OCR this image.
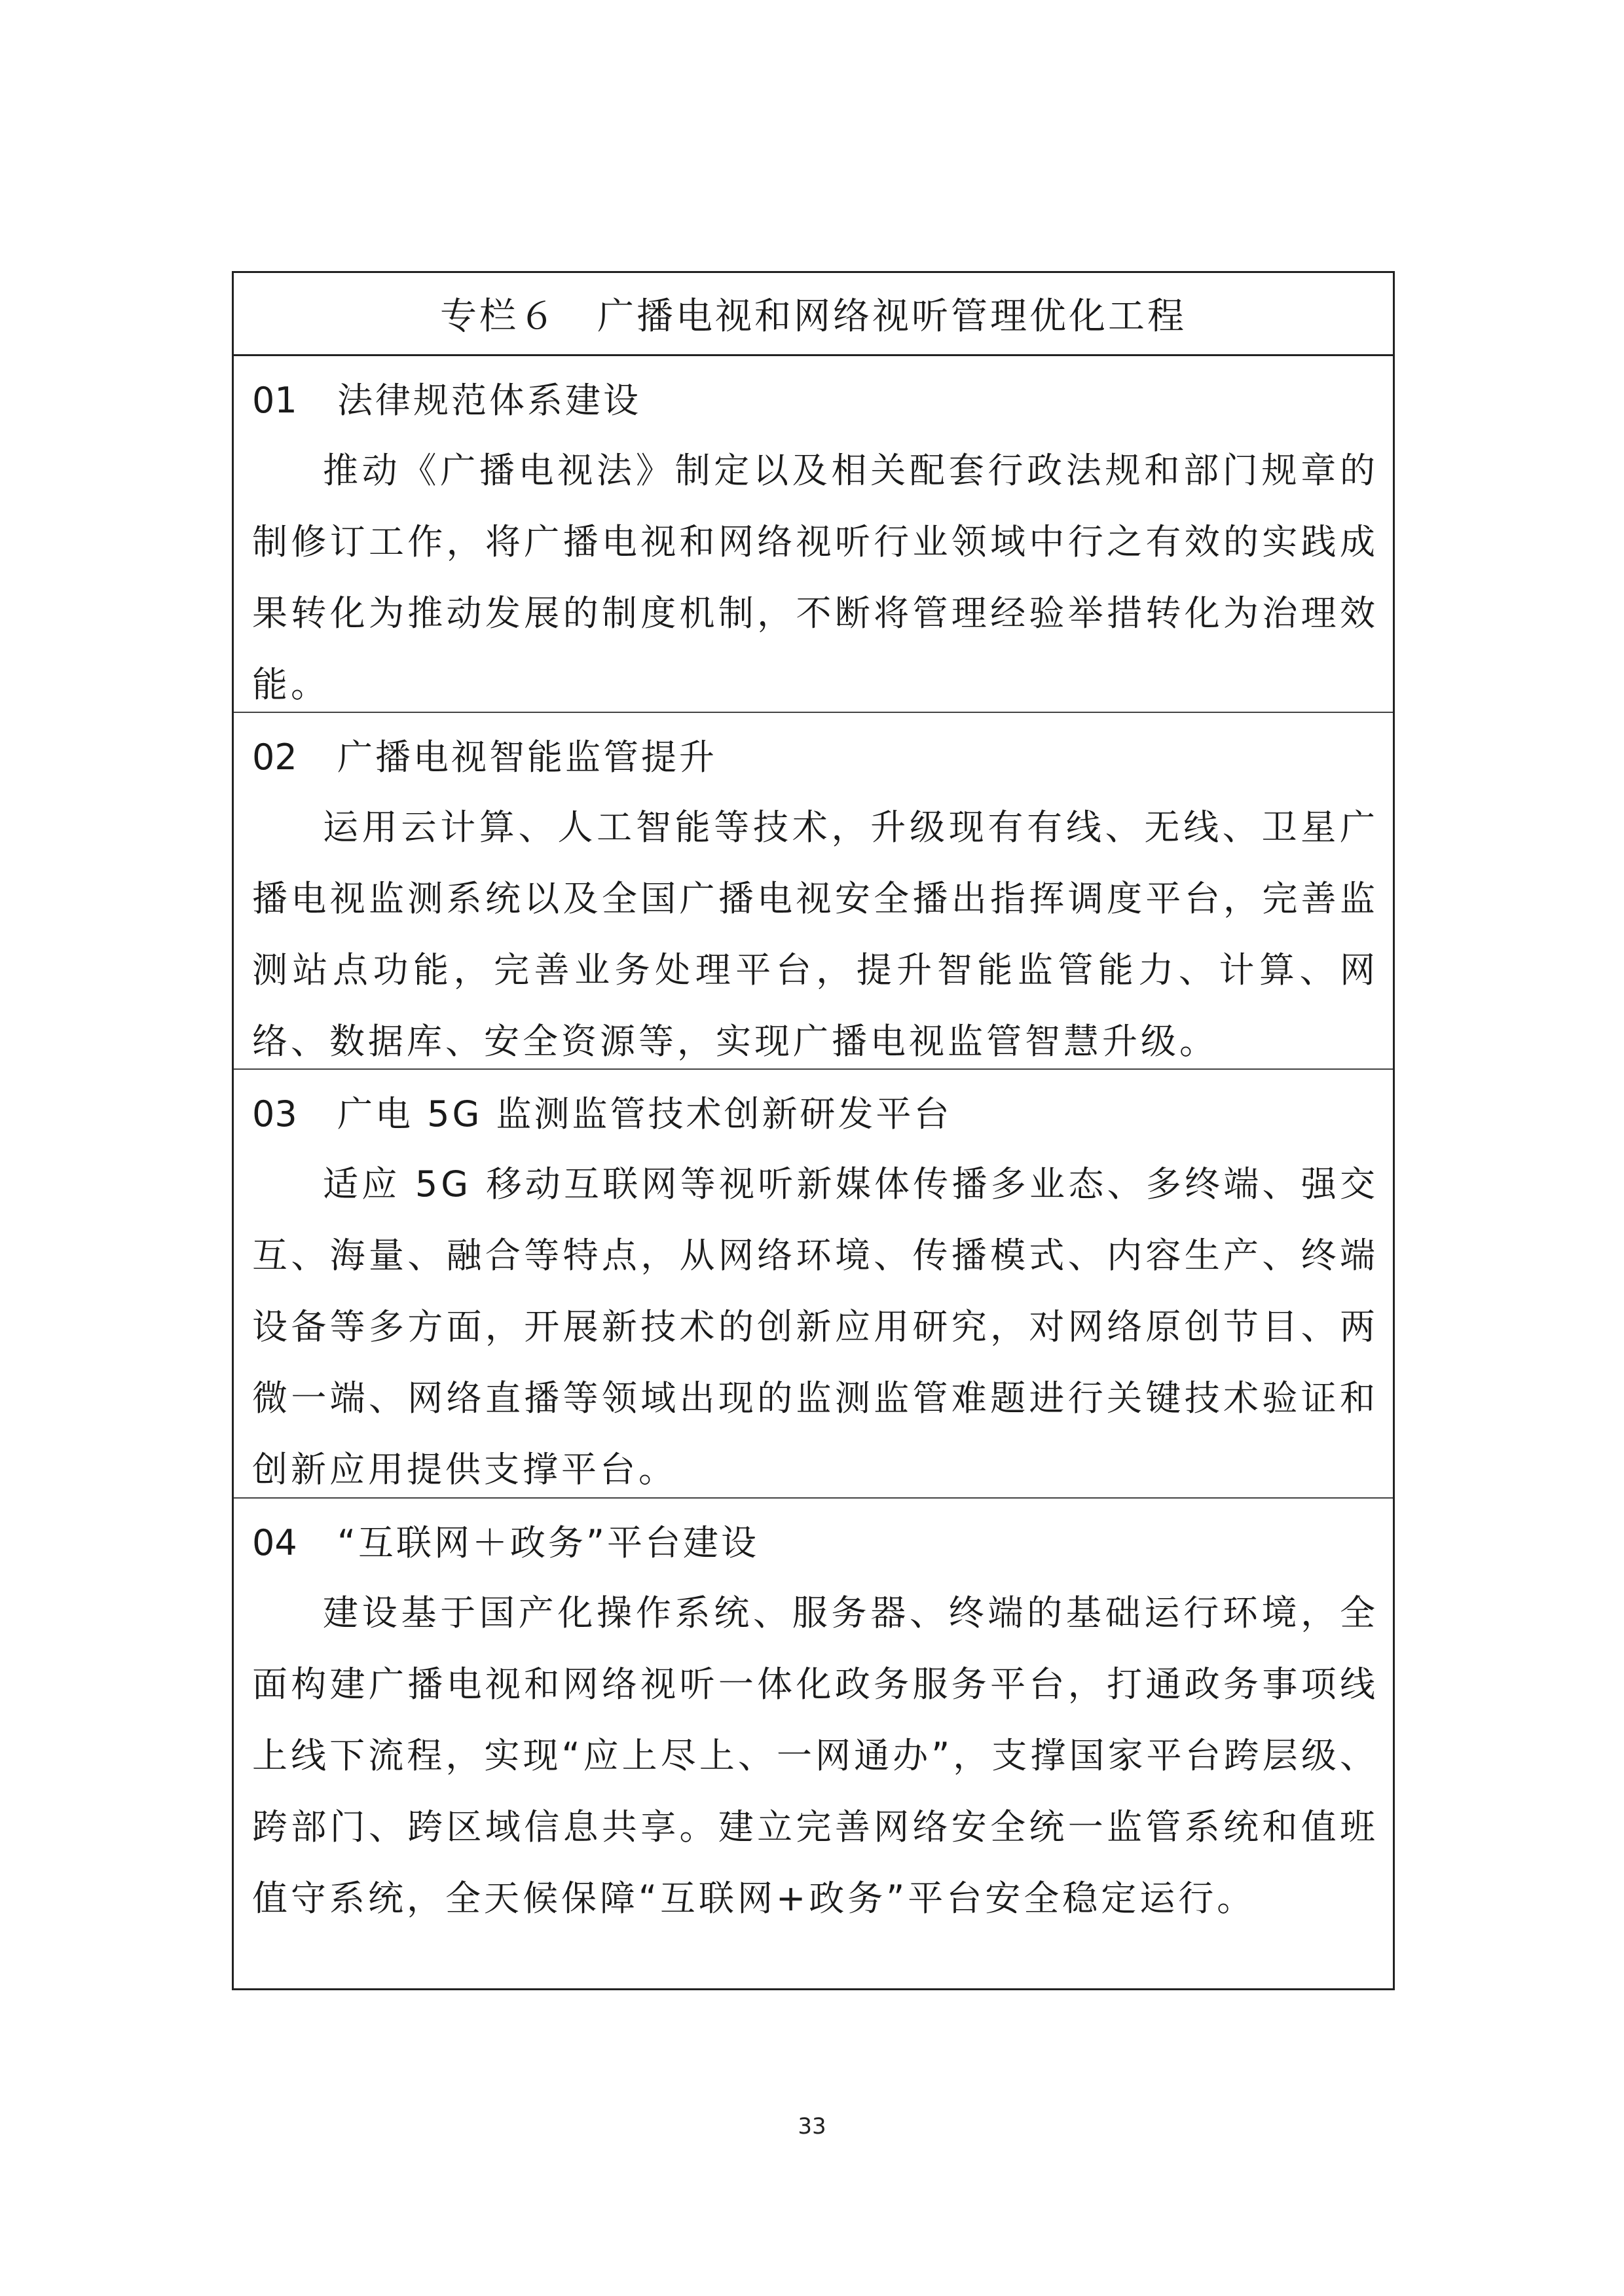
专栏６　广播电视和网络视听管理优化工程
01	法律规范体系建设

推动《广播电视法》制定以及相关配套行政法规和部门规章的制修订工作，将广播电视和网络视听行业领域中行之有效的实践成果转化为推动发展的制度机制，不断将管理经验举措转化为治理效能。

02	广播电视智能监管提升

运用云计算、人工智能等技术，升级现有有线、无线、卫星广播电视监测系统以及全国广播电视安全播出指挥调度平台，完善监测站点功能，完善业务处理平台，提升智能监管能力、计算、网络、数据库、安全资源等，实现广播电视监管智慧升级。

03	广电 5G 监测监管技术创新研发平台

适应 5G 移动互联网等视听新媒体传播多业态、多终端、强交互、海量、融合等特点，从网络环境、传播模式、内容生产、终端设备等多方面，开展新技术的创新应用研究，对网络原创节目、两微一端、网络直播等领域出现的监测监管难题进行关键技术验证和创新应用提供支撑平台。

04	“互联网＋政务”平台建设

建设基于国产化操作系统、服务器、终端的基础运行环境，全面构建广播电视和网络视听一体化政务服务平台，打通政务事项线上线下流程，实现“应上尽上、一网通办”，支撑国家平台跨层级、跨部门、跨区域信息共享。建立完善网络安全统一监管系统和值班值守系统，全天候保障“互联网+政务”平台安全稳定运行。

33
